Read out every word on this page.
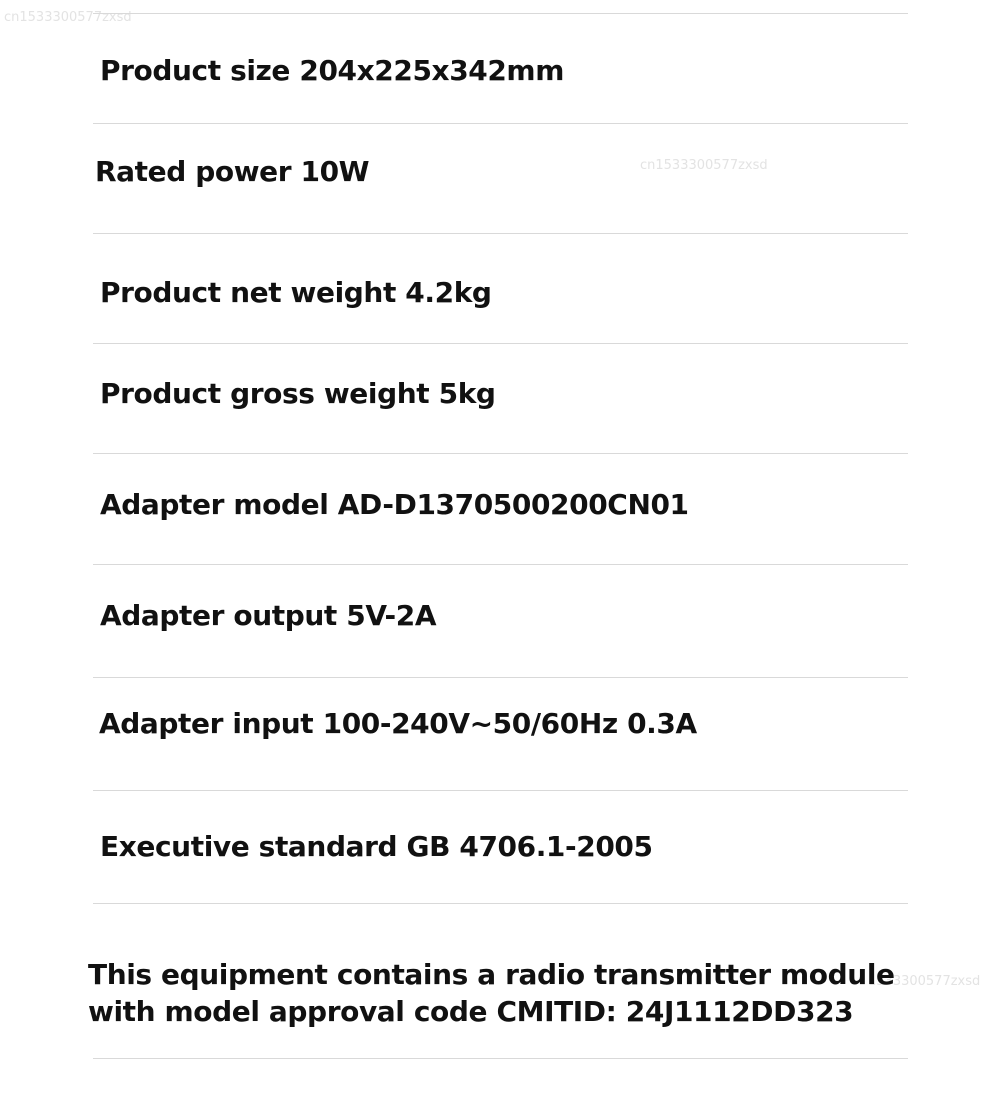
cn1533300577zxsd
cn1533300577zxsd
1533300577zxsd
Product size 204x225x342mm
Rated power 10W
Product net weight 4.2kg
Product gross weight 5kg
Adapter model AD-D1370500200CN01
Adapter output 5V-2A
Adapter input 100-240V~50/60Hz 0.3A
Executive standard GB 4706.1-2005
This equipment contains a radio transmitter module
with model approval code CMITID: 24J1112DD323
